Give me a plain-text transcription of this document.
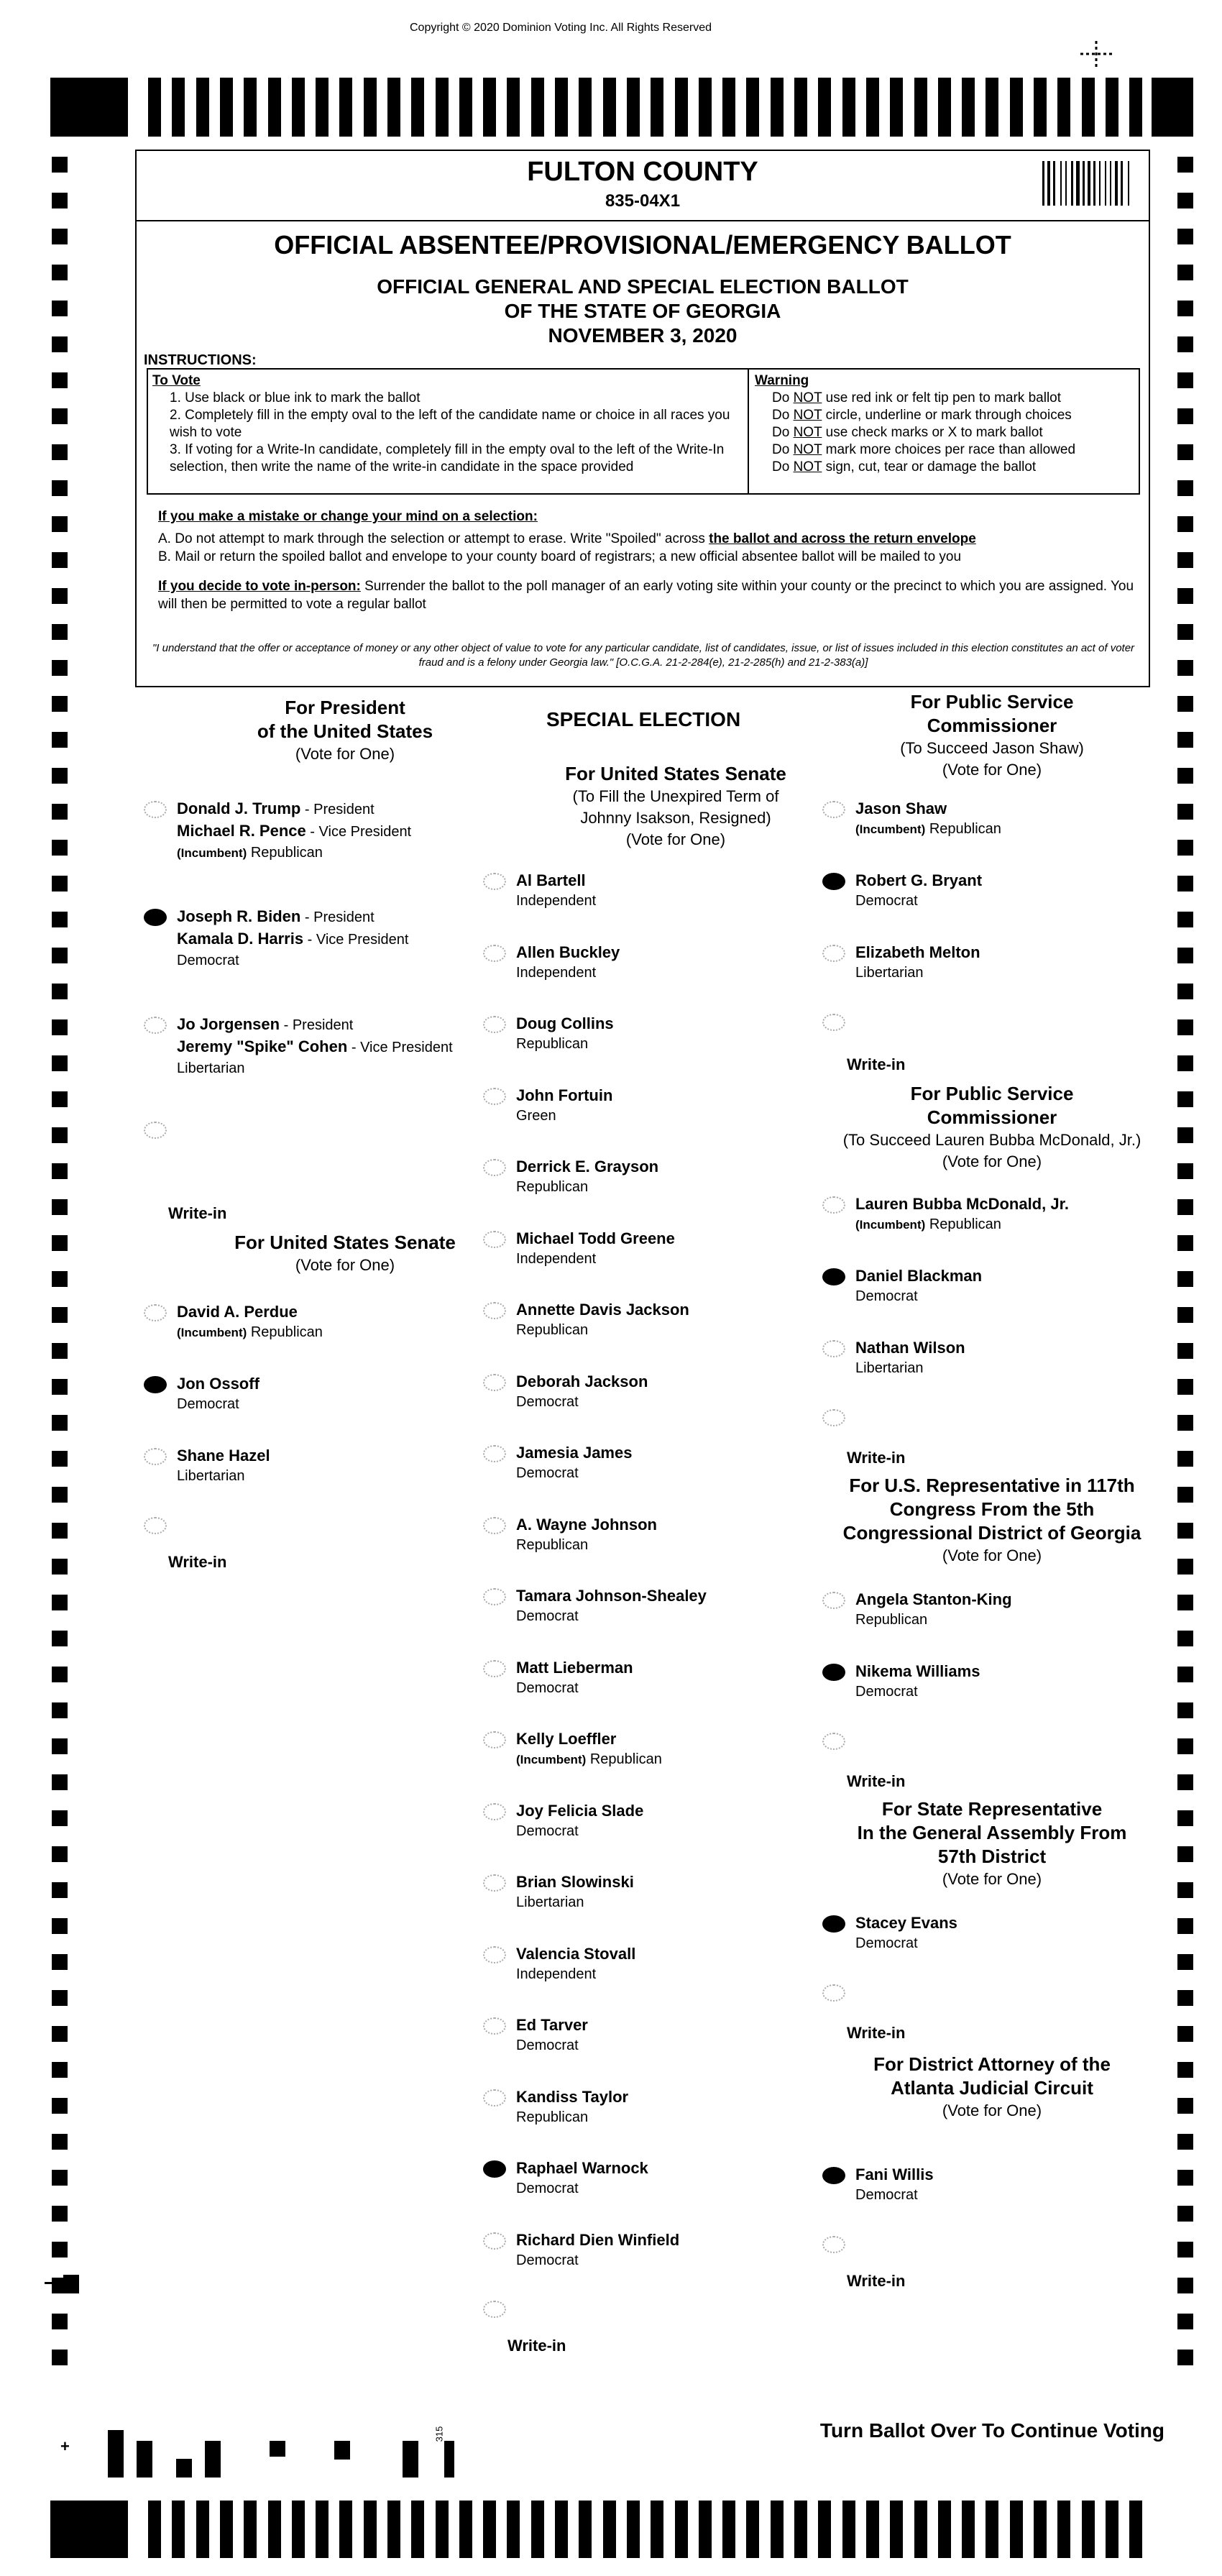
Copyright © 2020 Dominion Voting Inc. All Rights Reserved
FULTON COUNTY
835-04X1
OFFICIAL ABSENTEE/PROVISIONAL/EMERGENCY BALLOT
OFFICIAL GENERAL AND SPECIAL ELECTION BALLOT
OF THE STATE OF GEORGIA
NOVEMBER 3, 2020
INSTRUCTIONS:
To Vote
1. Use black or blue ink to mark the ballot
2. Completely fill in the empty oval to the left of the candidate name or choice in all races you wish to vote
3. If voting for a Write-In candidate, completely fill in the empty oval to the left of the Write-In selection, then write the name of the write-in candidate in the space provided
Warning
Do NOT use red ink or felt tip pen to mark ballot
Do NOT circle, underline or mark through choices
Do NOT use check marks or X to mark ballot
Do NOT mark more choices per race than allowed
Do NOT sign, cut, tear or damage the ballot
If you make a mistake or change your mind on a selection:
A. Do not attempt to mark through the selection or attempt to erase. Write "Spoiled" across the ballot and across the return envelope
B. Mail or return the spoiled ballot and envelope to your county board of registrars; a new official absentee ballot will be mailed to you
If you decide to vote in-person: Surrender the ballot to the poll manager of an early voting site within your county or the precinct to which you are assigned. You will then be permitted to vote a regular ballot
"I understand that the offer or acceptance of money or any other object of value to vote for any particular candidate, list of candidates, issue, or list of issues included in this election constitutes an act of voter fraud and is a felony under Georgia law." [O.C.G.A. 21-2-284(e), 21-2-285(h) and 21-2-383(a)]
For President
of the United States
(Vote for One)
Donald J. Trump - President
Michael R. Pence - Vice President
(Incumbent) Republican
Joseph R. Biden - President
Kamala D. Harris - Vice President
Democrat
Jo Jorgensen - President
Jeremy "Spike" Cohen - Vice President
Libertarian
Write-in
For United States Senate
(Vote for One)
David A. Perdue
(Incumbent) Republican
Jon Ossoff
Democrat
Shane Hazel
Libertarian
Write-in
SPECIAL ELECTION
For United States Senate
(To Fill the Unexpired Term of
Johnny Isakson, Resigned)
(Vote for One)
Al Bartell
Independent
Allen Buckley
Independent
Doug Collins
Republican
John Fortuin
Green
Derrick E. Grayson
Republican
Michael Todd Greene
Independent
Annette Davis Jackson
Republican
Deborah Jackson
Democrat
Jamesia James
Democrat
A. Wayne Johnson
Republican
Tamara Johnson-Shealey
Democrat
Matt Lieberman
Democrat
Kelly Loeffler
(Incumbent) Republican
Joy Felicia Slade
Democrat
Brian Slowinski
Libertarian
Valencia Stovall
Independent
Ed Tarver
Democrat
Kandiss Taylor
Republican
Raphael Warnock
Democrat
Richard Dien Winfield
Democrat
Write-in
For Public Service
Commissioner
(To Succeed Jason Shaw)
(Vote for One)
Jason Shaw
(Incumbent) Republican
Robert G. Bryant
Democrat
Elizabeth Melton
Libertarian
Write-in
For Public Service
Commissioner
(To Succeed Lauren Bubba McDonald, Jr.)
(Vote for One)
Lauren Bubba McDonald, Jr.
(Incumbent) Republican
Daniel Blackman
Democrat
Nathan Wilson
Libertarian
Write-in
For U.S. Representative in 117th
Congress From the 5th
Congressional District of Georgia
(Vote for One)
Angela Stanton-King
Republican
Nikema Williams
Democrat
Write-in
For State Representative
In the General Assembly From
57th District
(Vote for One)
Stacey Evans
Democrat
Write-in
For District Attorney of the
Atlanta Judicial Circuit
(Vote for One)
Fani Willis
Democrat
Write-in
Turn Ballot Over To Continue Voting
+
315
